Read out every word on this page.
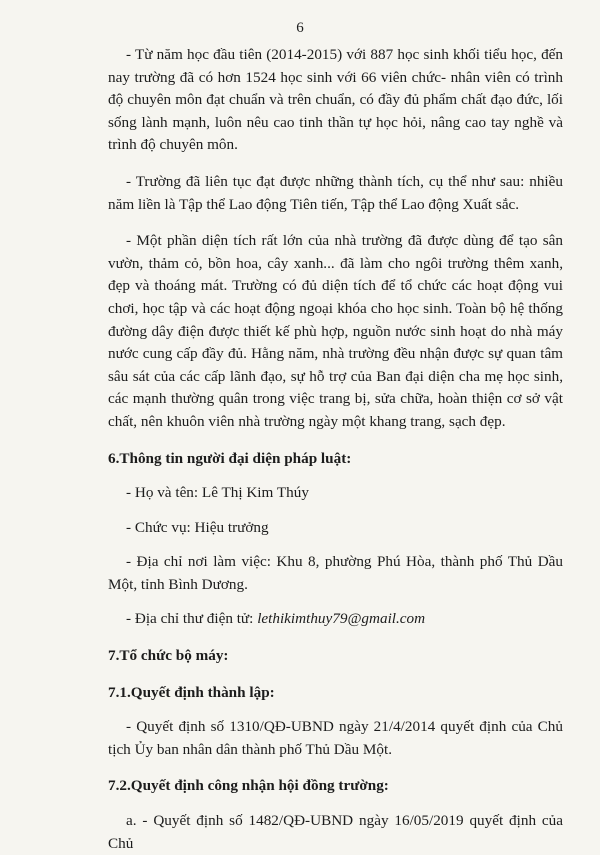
6

- Từ năm học đầu tiên (2014-2015) với 887 học sinh khối tiểu học, đến nay trường đã có hơn 1524 học sinh với 66 viên chức- nhân viên có trình độ chuyên môn đạt chuẩn và trên chuẩn, có đầy đủ phẩm chất đạo đức, lối sống lành mạnh, luôn nêu cao tinh thần tự học hỏi, nâng cao tay nghề và trình độ chuyên môn.

- Trường đã liên tục đạt được những thành tích, cụ thể như sau: nhiều năm liền là Tập thể Lao động Tiên tiến, Tập thể Lao động Xuất sắc.

- Một phần diện tích rất lớn của nhà trường đã được dùng để tạo sân vườn, thảm cỏ, bồn hoa, cây xanh... đã làm cho ngôi trường thêm xanh, đẹp và thoáng mát. Trường có đủ diện tích để tổ chức các hoạt động vui chơi, học tập và các hoạt động ngoại khóa cho học sinh. Toàn bộ hệ thống đường dây điện được thiết kế phù hợp, nguồn nước sinh hoạt do nhà máy nước cung cấp đầy đủ. Hằng năm, nhà trường đều nhận được sự quan tâm sâu sát của các cấp lãnh đạo, sự hỗ trợ của Ban đại diện cha mẹ học sinh, các mạnh thường quân trong việc trang bị, sửa chữa, hoàn thiện cơ sở vật chất, nên khuôn viên nhà trường ngày một khang trang, sạch đẹp.

6.Thông tin người đại diện pháp luật:

- Họ và tên: Lê Thị Kim Thúy

- Chức vụ: Hiệu trưởng

- Địa chỉ nơi làm việc: Khu 8, phường Phú Hòa, thành phố Thủ Dầu Một, tỉnh Bình Dương.

- Địa chỉ thư điện tử: lethikimthuy79@gmail.com

7.Tổ chức bộ máy:

7.1.Quyết định thành lập:

- Quyết định số 1310/QĐ-UBND ngày 21/4/2014 quyết định của Chủ tịch Ủy ban nhân dân thành phố Thủ Dầu Một.

7.2.Quyết định công nhận hội đồng trường:

a. - Quyết định số 1482/QĐ-UBND ngày 16/05/2019 quyết định của Chủ
